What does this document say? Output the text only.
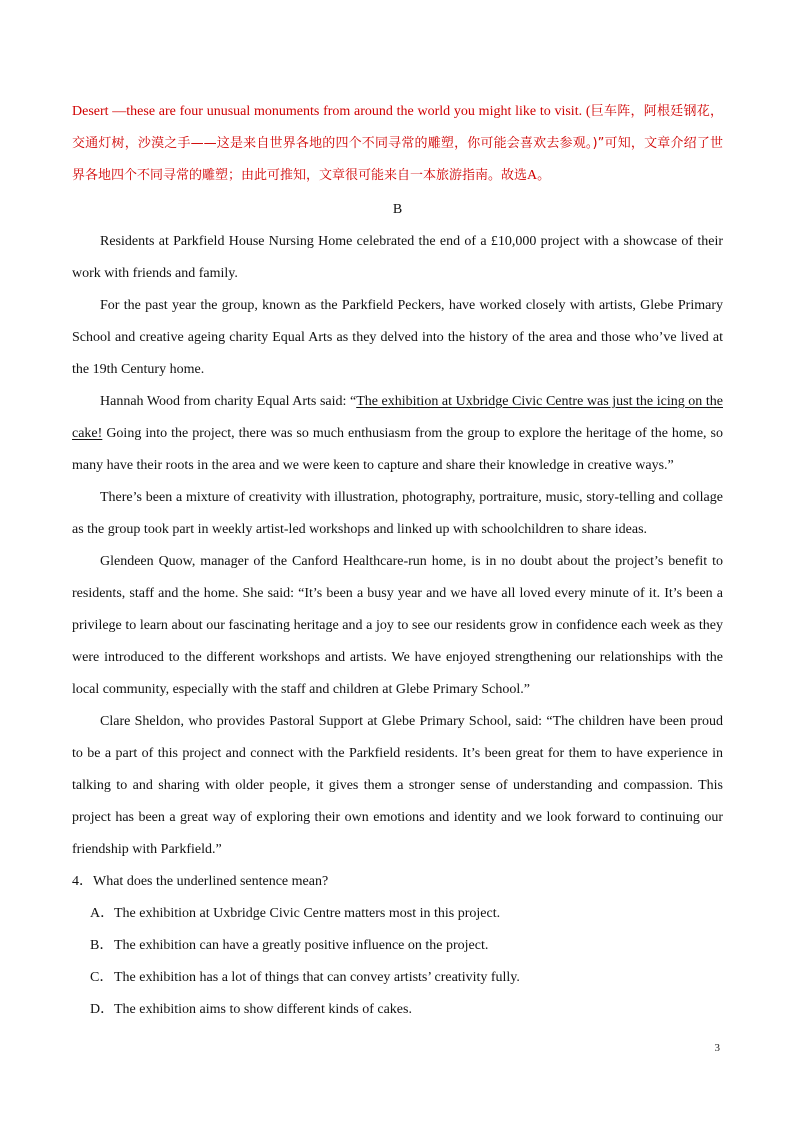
Desert —these are four unusual monuments from around the world you might like to visit. (巨车阵，阿根廷钢花，交通灯树，沙漠之手——这是来自世界各地的四个不同寻常的雕塑，你可能会喜欢去参观。)”可知，文章介绍了世界各地四个不同寻常的雕塑；由此可推知，文章很可能来自一本旅游指南。故选A。

B

Residents at Parkfield House Nursing Home celebrated the end of a £10,000 project with a showcase of their work with friends and family.

For the past year the group, known as the Parkfield Peckers, have worked closely with artists, Glebe Primary School and creative ageing charity Equal Arts as they delved into the history of the area and those who’ve lived at the 19th Century home.

Hannah Wood from charity Equal Arts said: “The exhibition at Uxbridge Civic Centre was just the icing on the cake! Going into the project, there was so much enthusiasm from the group to explore the heritage of the home, so many have their roots in the area and we were keen to capture and share their knowledge in creative ways.”

There’s been a mixture of creativity with illustration, photography, portraiture, music, story-telling and collage as the group took part in weekly artist-led workshops and linked up with schoolchildren to share ideas.

Glendeen Quow, manager of the Canford Healthcare-run home, is in no doubt about the project’s benefit to residents, staff and the home. She said: “It’s been a busy year and we have all loved every minute of it. It’s been a privilege to learn about our fascinating heritage and a joy to see our residents grow in confidence each week as they were introduced to the different workshops and artists. We have enjoyed strengthening our relationships with the local community, especially with the staff and children at Glebe Primary School.”

Clare Sheldon, who provides Pastoral Support at Glebe Primary School, said: “The children have been proud to be a part of this project and connect with the Parkfield residents. It’s been great for them to have experience in talking to and sharing with older people, it gives them a stronger sense of understanding and compassion. This project has been a great way of exploring their own emotions and identity and we look forward to continuing our friendship with Parkfield.”

4．What does the underlined sentence mean?

A．The exhibition at Uxbridge Civic Centre matters most in this project.

B．The exhibition can have a greatly positive influence on the project.

C．The exhibition has a lot of things that can convey artists’ creativity fully.

D．The exhibition aims to show different kinds of cakes.

3
